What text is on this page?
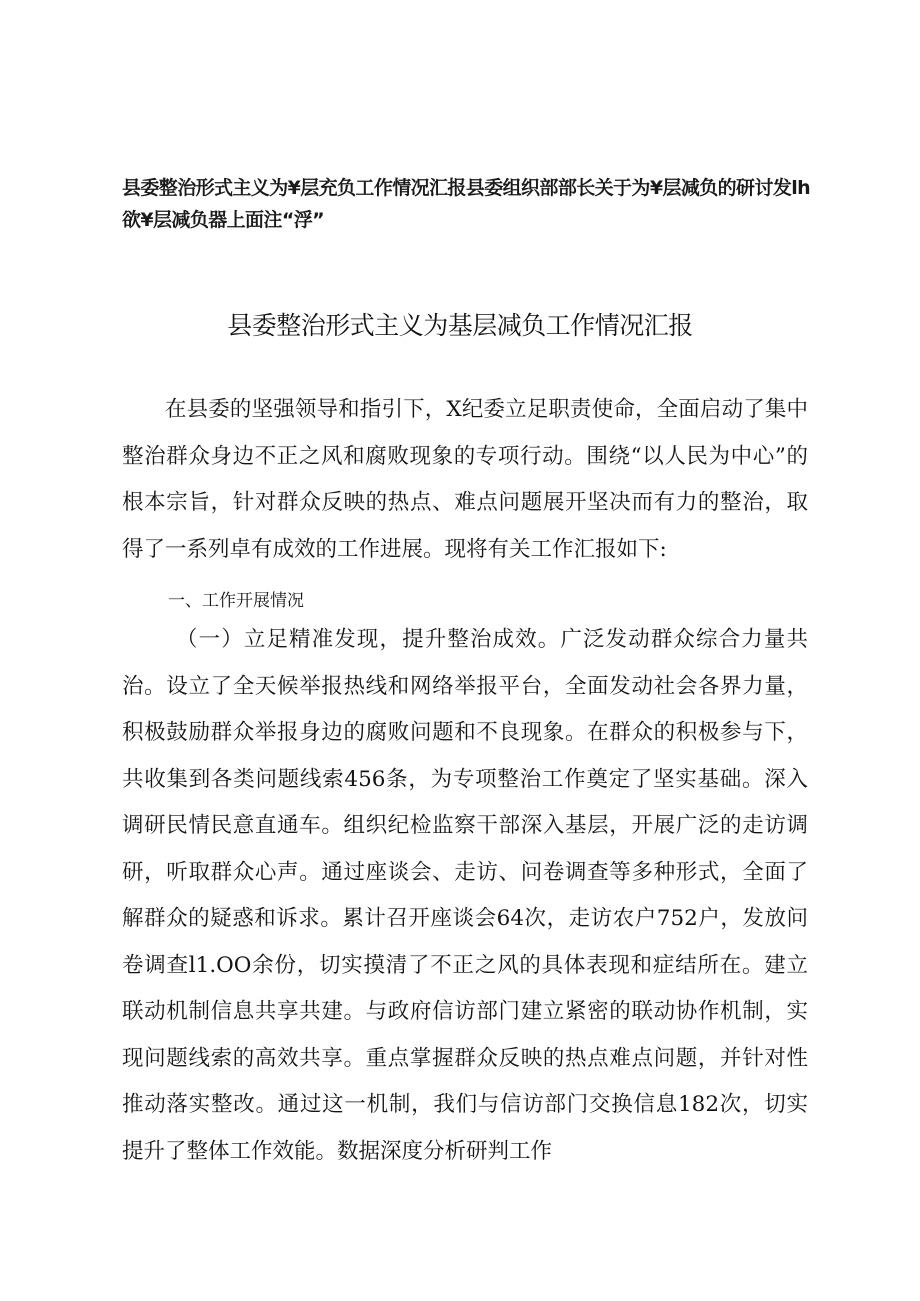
县委整治形式主义为¥层充负工作情况汇报县委组织部部长关于为¥层减负的研讨发lh欲¥层减负器上面注“浮”
县委整治形式主义为基层减负工作情况汇报

在县委的坚强领导和指引下，X纪委立足职责使命，全面启动了集中整治群众身边不正之风和腐败现象的专项行动。围绕“以人民为中心”的根本宗旨，针对群众反映的热点、难点问题展开坚决而有力的整治，取得了一系列卓有成效的工作进展。现将有关工作汇报如下:

一、工作开展情况

（一）立足精准发现，提升整治成效。广泛发动群众综合力量共治。设立了全天候举报热线和网络举报平台，全面发动社会各界力量，积极鼓励群众举报身边的腐败问题和不良现象。在群众的积极参与下，共收集到各类问题线索456条，为专项整治工作奠定了坚实基础。深入调研民情民意直通车。组织纪检监察干部深入基层，开展广泛的走访调研，听取群众心声。通过座谈会、走访、问卷调查等多种形式，全面了解群众的疑惑和诉求。累计召开座谈会64次，走访农户752户，发放问卷调查l1.OO余份，切实摸清了不正之风的具体表现和症结所在。建立联动机制信息共享共建。与政府信访部门建立紧密的联动协作机制，实现问题线索的高效共享。重点掌握群众反映的热点难点问题，并针对性推动落实整改。通过这一机制，我们与信访部门交换信息182次，切实提升了整体工作效能。数据深度分析研判工作
